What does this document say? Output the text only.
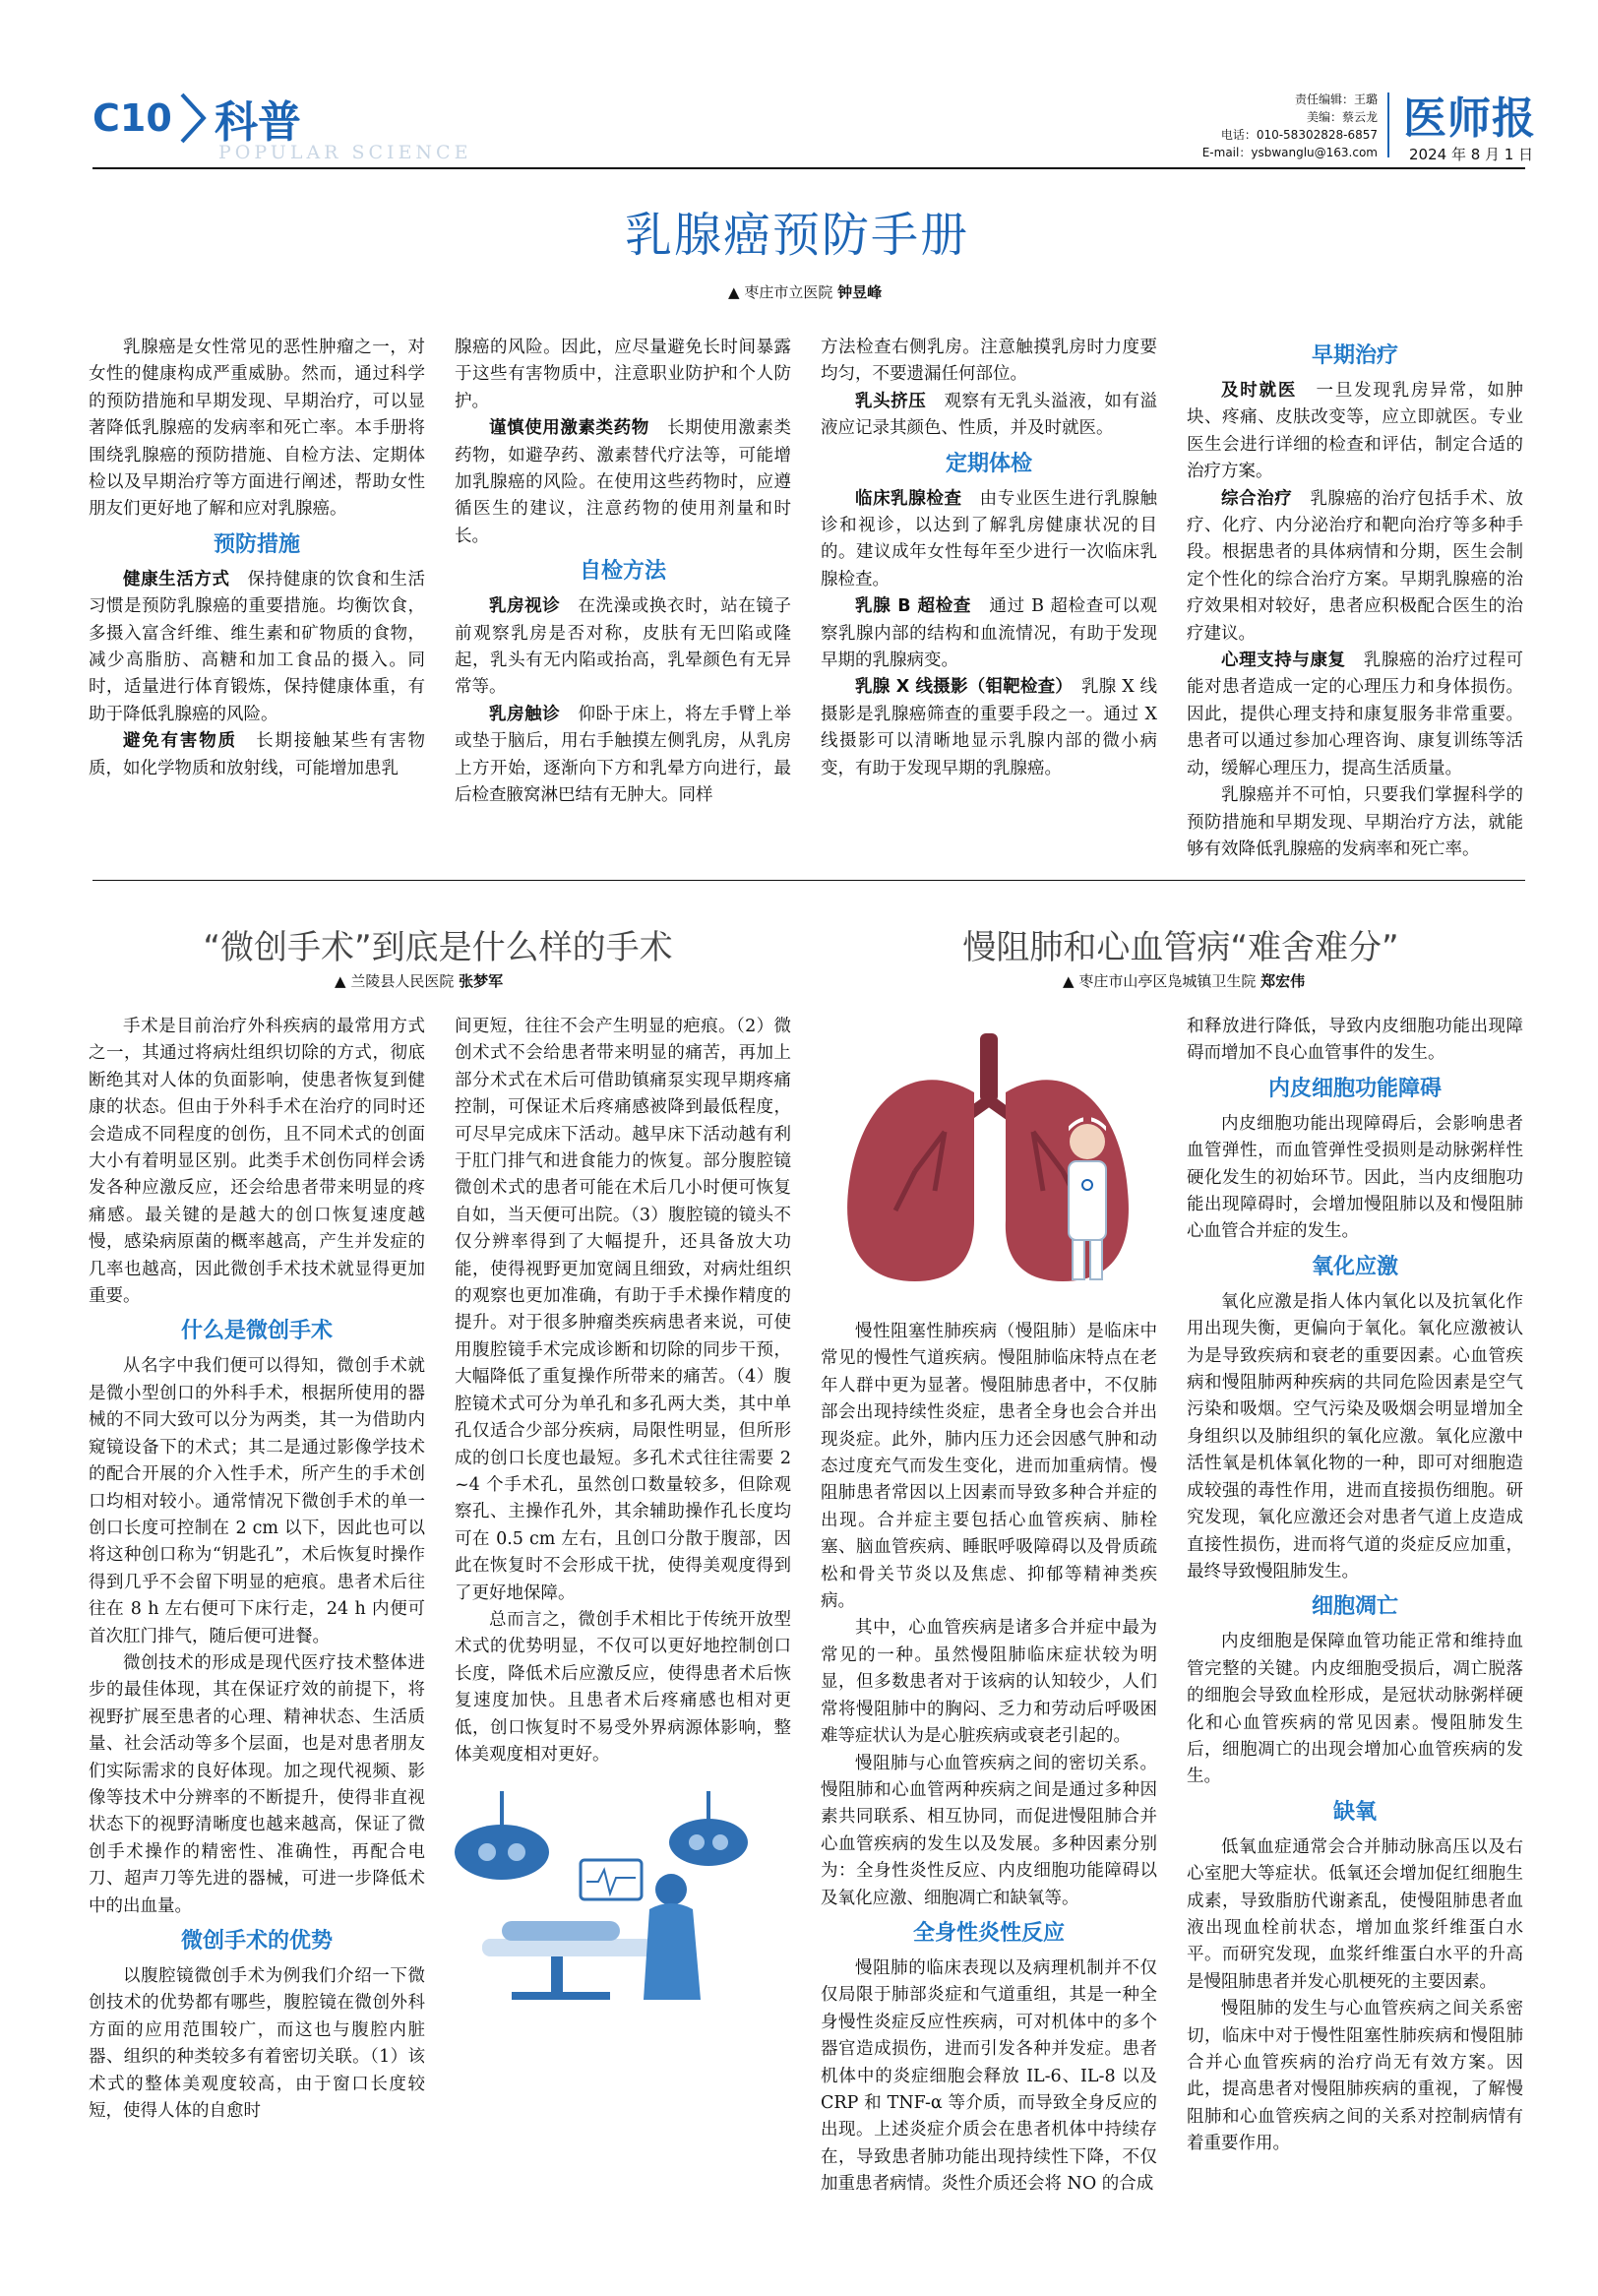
C10 科普
POPULAR SCIENCE
责任编辑：王璐
美编：蔡云龙
电话：010-58302828-6857
E-mail：ysbwanglu@163.com
医师报
2024 年 8 月 1 日
乳腺癌预防手册
▲ 枣庄市立医院 钟昱峰

乳腺癌是女性常见的恶性肿瘤之一，对女性的健康构成严重威胁。然而，通过科学的预防措施和早期发现、早期治疗，可以显著降低乳腺癌的发病率和死亡率。本手册将围绕乳腺癌的预防措施、自检方法、定期体检以及早期治疗等方面进行阐述，帮助女性朋友们更好地了解和应对乳腺癌。

预防措施

健康生活方式　 保持健康的饮食和生活习惯是预防乳腺癌的重要措施。均衡饮食，多摄入富含纤维、维生素和矿物质的食物，减少高脂肪、高糖和加工食品的摄入。同时，适量进行体育锻炼，保持健康体重，有助于降低乳腺癌的风险。

避免有害物质　 长期接触某些有害物质，如化学物质和放射线，可能增加患乳

腺癌的风险。因此，应尽量避免长时间暴露于这些有害物质中，注意职业防护和个人防护。

谨慎使用激素类药物　 长期使用激素类药物，如避孕药、激素替代疗法等，可能增加乳腺癌的风险。在使用这些药物时，应遵循医生的建议，注意药物的使用剂量和时长。

自检方法

乳房视诊　 在洗澡或换衣时，站在镜子前观察乳房是否对称，皮肤有无凹陷或隆起，乳头有无内陷或抬高，乳晕颜色有无异常等。

乳房触诊　 仰卧于床上，将左手臂上举或垫于脑后，用右手触摸左侧乳房，从乳房上方开始，逐渐向下方和乳晕方向进行，最后检查腋窝淋巴结有无肿大。同样

方法检查右侧乳房。注意触摸乳房时力度要均匀，不要遗漏任何部位。

乳头挤压　 观察有无乳头溢液，如有溢液应记录其颜色、性质，并及时就医。

定期体检

临床乳腺检查　 由专业医生进行乳腺触诊和视诊，以达到了解乳房健康状况的目的。建议成年女性每年至少进行一次临床乳腺检查。

乳腺 B 超检查　 通过 B 超检查可以观察乳腺内部的结构和血流情况，有助于发现早期的乳腺病变。

乳腺 X 线摄影（钼靶检查）　 乳腺 X 线摄影是乳腺癌筛查的重要手段之一。通过 X 线摄影可以清晰地显示乳腺内部的微小病变，有助于发现早期的乳腺癌。

早期治疗

及时就医　 一旦发现乳房异常，如肿块、疼痛、皮肤改变等，应立即就医。专业医生会进行详细的检查和评估，制定合适的治疗方案。

综合治疗　 乳腺癌的治疗包括手术、放疗、化疗、内分泌治疗和靶向治疗等多种手段。根据患者的具体病情和分期，医生会制定个性化的综合治疗方案。早期乳腺癌的治疗效果相对较好，患者应积极配合医生的治疗建议。

心理支持与康复　 乳腺癌的治疗过程可能对患者造成一定的心理压力和身体损伤。因此，提供心理支持和康复服务非常重要。患者可以通过参加心理咨询、康复训练等活动，缓解心理压力，提高生活质量。

乳腺癌并不可怕，只要我们掌握科学的预防措施和早期发现、早期治疗方法，就能够有效降低乳腺癌的发病率和死亡率。

“微创手术”到底是什么样的手术
▲ 兰陵县人民医院 张梦军

手术是目前治疗外科疾病的最常用方式之一，其通过将病灶组织切除的方式，彻底断绝其对人体的负面影响，使患者恢复到健康的状态。但由于外科手术在治疗的同时还会造成不同程度的创伤，且不同术式的创面大小有着明显区别。此类手术创伤同样会诱发各种应激反应，还会给患者带来明显的疼痛感。最关键的是越大的创口恢复速度越慢，感染病原菌的概率越高，产生并发症的几率也越高，因此微创手术技术就显得更加重要。

什么是微创手术

从名字中我们便可以得知，微创手术就是微小型创口的外科手术，根据所使用的器械的不同大致可以分为两类，其一为借助内窥镜设备下的术式；其二是通过影像学技术的配合开展的介入性手术，所产生的手术创口均相对较小。通常情况下微创手术的单一创口长度可控制在 2 cm 以下，因此也可以将这种创口称为“钥匙孔”，术后恢复时操作得到几乎不会留下明显的疤痕。患者术后往往在 8 h 左右便可下床行走，24 h 内便可首次肛门排气，随后便可进餐。

微创技术的形成是现代医疗技术整体进步的最佳体现，其在保证疗效的前提下，将视野扩展至患者的心理、精神状态、生活质量、社会活动等多个层面，也是对患者朋友们实际需求的良好体现。加之现代视频、影像等技术中分辨率的不断提升，使得非直视状态下的视野清晰度也越来越高，保证了微创手术操作的精密性、准确性，再配合电刀、超声刀等先进的器械，可进一步降低术中的出血量。

微创手术的优势

以腹腔镜微创手术为例我们介绍一下微创技术的优势都有哪些，腹腔镜在微创外科方面的应用范围较广，而这也与腹腔内脏器、组织的种类较多有着密切关联。（1）该术式的整体美观度较高，由于窗口长度较短，使得人体的自愈时

间更短，往往不会产生明显的疤痕。（2）微创术式不会给患者带来明显的痛苦，再加上部分术式在术后可借助镇痛泵实现早期疼痛控制，可保证术后疼痛感被降到最低程度，可尽早完成床下活动。越早床下活动越有利于肛门排气和进食能力的恢复。部分腹腔镜微创术式的患者可能在术后几小时便可恢复自如，当天便可出院。（3）腹腔镜的镜头不仅分辨率得到了大幅提升，还具备放大功能，使得视野更加宽阔且细致，对病灶组织的观察也更加准确，有助于手术操作精度的提升。对于很多肿瘤类疾病患者来说，可使用腹腔镜手术完成诊断和切除的同步干预，大幅降低了重复操作所带来的痛苦。（4）腹腔镜术式可分为单孔和多孔两大类，其中单孔仅适合少部分疾病，局限性明显，但所形成的创口长度也最短。多孔术式往往需要 2~4 个手术孔，虽然创口数量较多，但除观察孔、主操作孔外，其余辅助操作孔长度均可在 0.5 cm 左右，且创口分散于腹部，因此在恢复时不会形成干扰，使得美观度得到了更好地保障。

总而言之，微创手术相比于传统开放型术式的优势明显，不仅可以更好地控制创口长度，降低术后应激反应，使得患者术后恢复速度加快。且患者术后疼痛感也相对更低，创口恢复时不易受外界病源体影响，整体美观度相对更好。

慢阻肺和心血管病“难舍难分”
▲ 枣庄市山亭区凫城镇卫生院 郑宏伟

慢性阻塞性肺疾病（慢阻肺）是临床中常见的慢性气道疾病。慢阻肺临床特点在老年人群中更为显著。慢阻肺患者中，不仅肺部会出现持续性炎症，患者全身也会合并出现炎症。此外，肺内压力还会因感气肿和动态过度充气而发生变化，进而加重病情。慢阻肺患者常因以上因素而导致多种合并症的出现。合并症主要包括心血管疾病、肺栓塞、脑血管疾病、睡眠呼吸障碍以及骨质疏松和骨关节炎以及焦虑、抑郁等精神类疾病。

其中，心血管疾病是诸多合并症中最为常见的一种。虽然慢阻肺临床症状较为明显，但多数患者对于该病的认知较少，人们常将慢阻肺中的胸闷、乏力和劳动后呼吸困难等症状认为是心脏疾病或衰老引起的。

慢阻肺与心血管疾病之间的密切关系。慢阻肺和心血管两种疾病之间是通过多种因素共同联系、相互协同，而促进慢阻肺合并心血管疾病的发生以及发展。多种因素分别为：全身性炎性反应、内皮细胞功能障碍以及氧化应激、细胞凋亡和缺氧等。

全身性炎性反应

慢阻肺的临床表现以及病理机制并不仅仅局限于肺部炎症和气道重组，其是一种全身慢性炎症反应性疾病，可对机体中的多个器官造成损伤，进而引发各种并发症。患者机体中的炎症细胞会释放 IL-6、IL-8 以及 CRP 和 TNF-α 等介质，而导致全身反应的出现。上述炎症介质会在患者机体中持续存在，导致患者肺功能出现持续性下降，不仅加重患者病情。炎性介质还会将 NO 的合成

和释放进行降低，导致内皮细胞功能出现障碍而增加不良心血管事件的发生。

内皮细胞功能障碍

内皮细胞功能出现障碍后，会影响患者血管弹性，而血管弹性受损则是动脉粥样性硬化发生的初始环节。因此，当内皮细胞功能出现障碍时，会增加慢阻肺以及和慢阻肺心血管合并症的发生。

氧化应激

氧化应激是指人体内氧化以及抗氧化作用出现失衡，更偏向于氧化。氧化应激被认为是导致疾病和衰老的重要因素。心血管疾病和慢阻肺两种疾病的共同危险因素是空气污染和吸烟。空气污染及吸烟会明显增加全身组织以及肺组织的氧化应激。氧化应激中活性氧是机体氧化物的一种，即可对细胞造成较强的毒性作用，进而直接损伤细胞。研究发现，氧化应激还会对患者气道上皮造成直接性损伤，进而将气道的炎症反应加重，最终导致慢阻肺发生。

细胞凋亡

内皮细胞是保障血管功能正常和维持血管完整的关键。内皮细胞受损后，凋亡脱落的细胞会导致血栓形成，是冠状动脉粥样硬化和心血管疾病的常见因素。慢阻肺发生后，细胞凋亡的出现会增加心血管疾病的发生。

缺氧

低氧血症通常会合并肺动脉高压以及右心室肥大等症状。低氧还会增加促红细胞生成素，导致脂肪代谢紊乱，使慢阻肺患者血液出现血栓前状态，增加血浆纤维蛋白水平。而研究发现，血浆纤维蛋白水平的升高是慢阻肺患者并发心肌梗死的主要因素。

慢阻肺的发生与心血管疾病之间关系密切，临床中对于慢性阻塞性肺疾病和慢阻肺合并心血管疾病的治疗尚无有效方案。因此，提高患者对慢阻肺疾病的重视，了解慢阻肺和心血管疾病之间的关系对控制病情有着重要作用。
